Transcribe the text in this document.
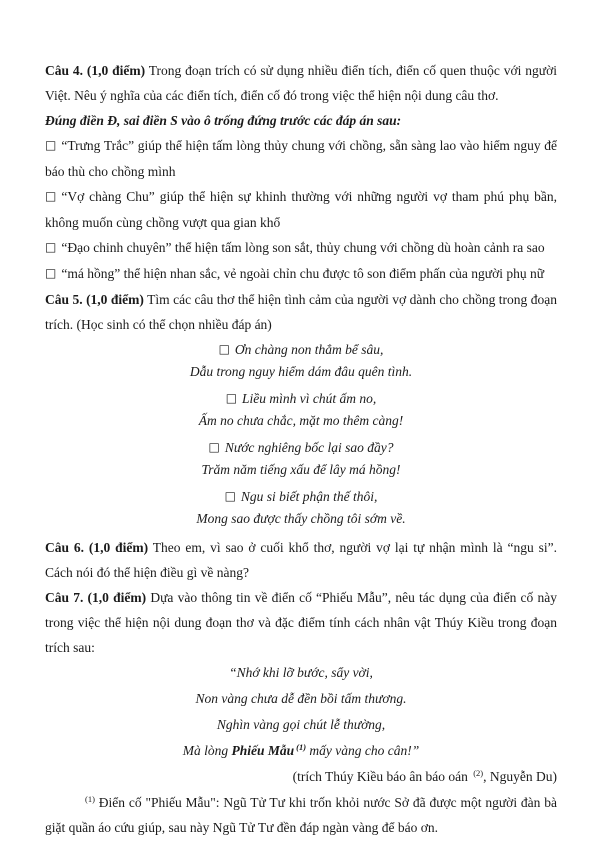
Câu 4. (1,0 điểm) Trong đoạn trích có sử dụng nhiều điển tích, điển cố quen thuộc với người Việt. Nêu ý nghĩa của các điển tích, điển cố đó trong việc thể hiện nội dung câu thơ.

Đúng điền Đ, sai điền S vào ô trống đứng trước các đáp án sau:

□ “Trưng Trắc” giúp thể hiện tấm lòng thủy chung với chồng, sẵn sàng lao vào hiểm nguy để báo thù cho chồng mình

□ “Vợ chàng Chu” giúp thể hiện sự khinh thường với những người vợ tham phú phụ bần, không muốn cùng chồng vượt qua gian khổ

□ “Đạo chinh chuyên” thể hiện tấm lòng son sắt, thủy chung với chồng dù hoàn cảnh ra sao

□ “má hồng” thể hiện nhan sắc, vẻ ngoài chỉn chu được tô son điểm phấn của người phụ nữ

Câu 5. (1,0 điểm) Tìm các câu thơ thể hiện tình cảm của người vợ dành cho chồng trong đoạn trích. (Học sinh có thể chọn nhiều đáp án)

□ Ơn chàng non thẳm bể sâu,
Dẫu trong nguy hiểm dám đâu quên tình.
□ Liều mình vì chút ấm no,
Ấm no chưa chắc, mặt mo thêm càng!
□ Nước nghiêng bốc lại sao đầy?
Trăm năm tiếng xấu để lây má hồng!
□ Ngu si biết phận thế thôi,
Mong sao được thấy chồng tôi sớm về.

Câu 6. (1,0 điểm) Theo em, vì sao ở cuối khổ thơ, người vợ lại tự nhận mình là “ngu si”. Cách nói đó thể hiện điều gì về nàng?

Câu 7. (1,0 điểm) Dựa vào thông tin về điển cố “Phiếu Mẫu”, nêu tác dụng của điển cố này trong việc thể hiện nội dung đoạn thơ và đặc điểm tính cách nhân vật Thúy Kiều trong đoạn trích sau:

“Nhớ khi lỡ bước, sẩy vời,
Non vàng chưa dễ đền bồi tấm thương.
Nghìn vàng gọi chút lễ thường,
Mà lòng Phiếu Mẫu $^{(1)}$ mấy vàng cho cân!”

(trích Thúy Kiều báo ân báo oán $^{(2)}$, Nguyễn Du)

$^{(1)}$ Điển cố "Phiếu Mẫu": Ngũ Tử Tư khi trốn khỏi nước Sở đã được một người đàn bà giặt quần áo cứu giúp, sau này Ngũ Tử Tư đền đáp ngàn vàng để báo ơn.
